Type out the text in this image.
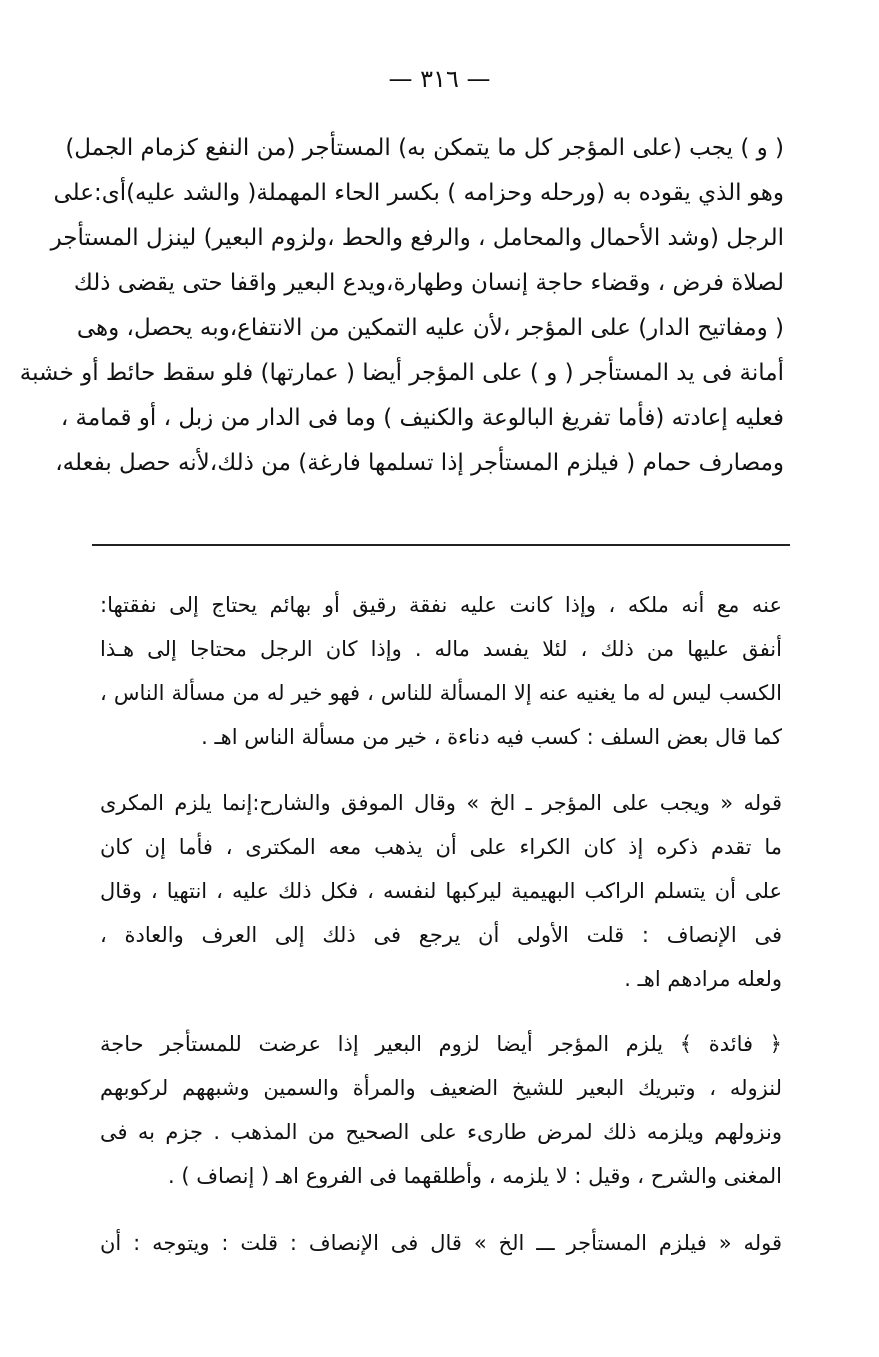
— ٣١٦ —
( و ) يجب (على المؤجر كل ما يتمكن به) المستأجر (من النفع كزمام الجمل)
وهو الذي يقوده به (ورحله وحزامه ) بكسر الحاء المهملة( والشد عليه)أى:على
الرجل (وشد الأحمال والمحامل ، والرفع والحط ،ولزوم البعير) لينزل المستأجر
لصلاة فرض ، وقضاء حاجة إنسان وطهارة،ويدع البعير واقفا حتى يقضى ذلك
( ومفاتيح الدار) على المؤجر ،لأن عليه التمكين من الانتفاع،وبه يحصل، وهى
أمانة فى يد المستأجر ( و ) على المؤجر أيضا ( عمارتها) فلو سقط حائط أو خشبة
فعليه إعادته (فأما تفريغ البالوعة والكنيف ) وما فى الدار من زبل ، أو قمامة ،
ومصارف حمام ( فيلزم المستأجر إذا تسلمها فارغة) من ذلك،لأنه حصل بفعله،
عنه مع أنه ملكه ، وإذا كانت عليه نفقة رقيق أو بهائم يحتاج إلى نفقتها:
أنفق عليها من ذلك ، لئلا يفسد ماله . وإذا كان الرجل محتاجا إلى هـذا
الكسب ليس له ما يغنيه عنه إلا المسألة للناس ، فهو خير له من مسألة الناس ،
كما قال بعض السلف : كسب فيه دناءة ، خير من مسألة الناس اهـ .
قوله « ويجب على المؤجر ـ الخ » وقال الموفق والشارح:إنما يلزم المكرى
ما تقدم ذكره إذ كان الكراء على أن يذهب معه المكترى ، فأما إن كان
على أن يتسلم الراكب البهيمية ليركبها لنفسه ، فكل ذلك عليه ، انتهيا ، وقال
فى الإنصاف : قلت الأولى أن يرجع فى ذلك إلى العرف والعادة ،
ولعله مرادهم اهـ .
﴿ فائدة ﴾ يلزم المؤجر أيضا لزوم البعير إذا عرضت للمستأجر حاجة
لنزوله ، وتبريك البعير للشيخ الضعيف والمرأة والسمين وشبههم لركوبهم
ونزولهم ويلزمه ذلك لمرض طارىء على الصحيح من المذهب . جزم به فى
المغنى والشرح ، وقيل : لا يلزمه ، وأطلقهما فى الفروع اهـ ( إنصاف ) .
قوله « فيلزم المستأجر ـــ الخ » قال فى الإنصاف : قلت : ويتوجه : أن
